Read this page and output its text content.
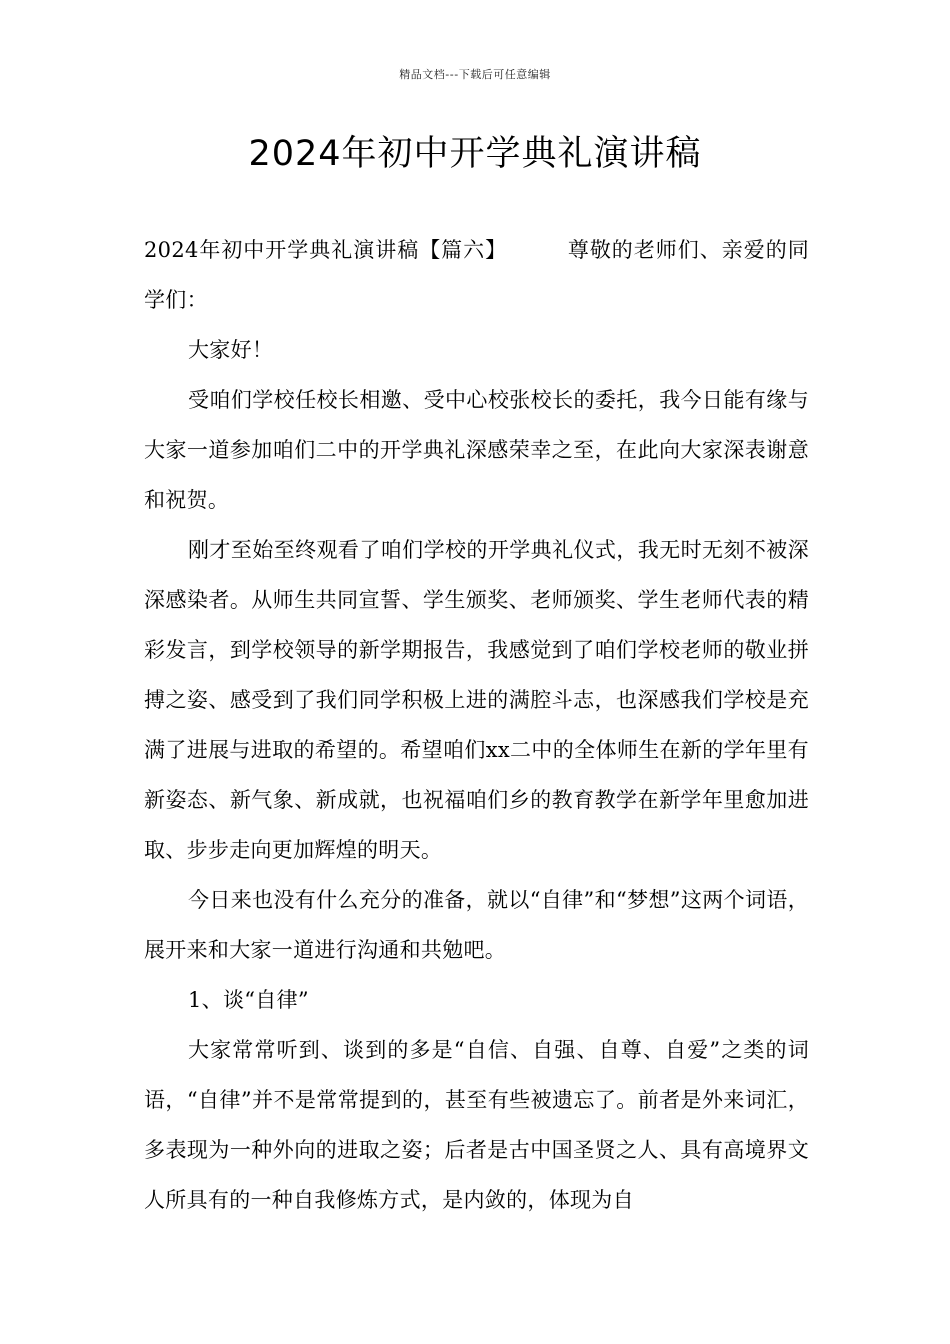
精品文档---下载后可任意编辑
2024年初中开学典礼演讲稿

2024年初中开学典礼演讲稿【篇六】	尊敬的老师们、亲爱的同学们：

大家好！

受咱们学校任校长相邀、受中心校张校长的委托，我今日能有缘与大家一道参加咱们二中的开学典礼深感荣幸之至，在此向大家深表谢意和祝贺。

刚才至始至终观看了咱们学校的开学典礼仪式，我无时无刻不被深深感染者。从师生共同宣誓、学生颁奖、老师颁奖、学生老师代表的精彩发言，到学校领导的新学期报告，我感觉到了咱们学校老师的敬业拼搏之姿、感受到了我们同学积极上进的满腔斗志，也深感我们学校是充满了进展与进取的希望的。希望咱们xx二中的全体师生在新的学年里有新姿态、新气象、新成就，也祝福咱们乡的教育教学在新学年里愈加进取、步步走向更加辉煌的明天。

今日来也没有什么充分的准备，就以“自律”和“梦想”这两个词语，展开来和大家一道进行沟通和共勉吧。

1、谈“自律”

大家常常听到、谈到的多是“自信、自强、自尊、自爱”之类的词语，“自律”并不是常常提到的，甚至有些被遗忘了。前者是外来词汇，多表现为一种外向的进取之姿；后者是古中国圣贤之人、具有高境界文人所具有的一种自我修炼方式，是内敛的，体现为自
